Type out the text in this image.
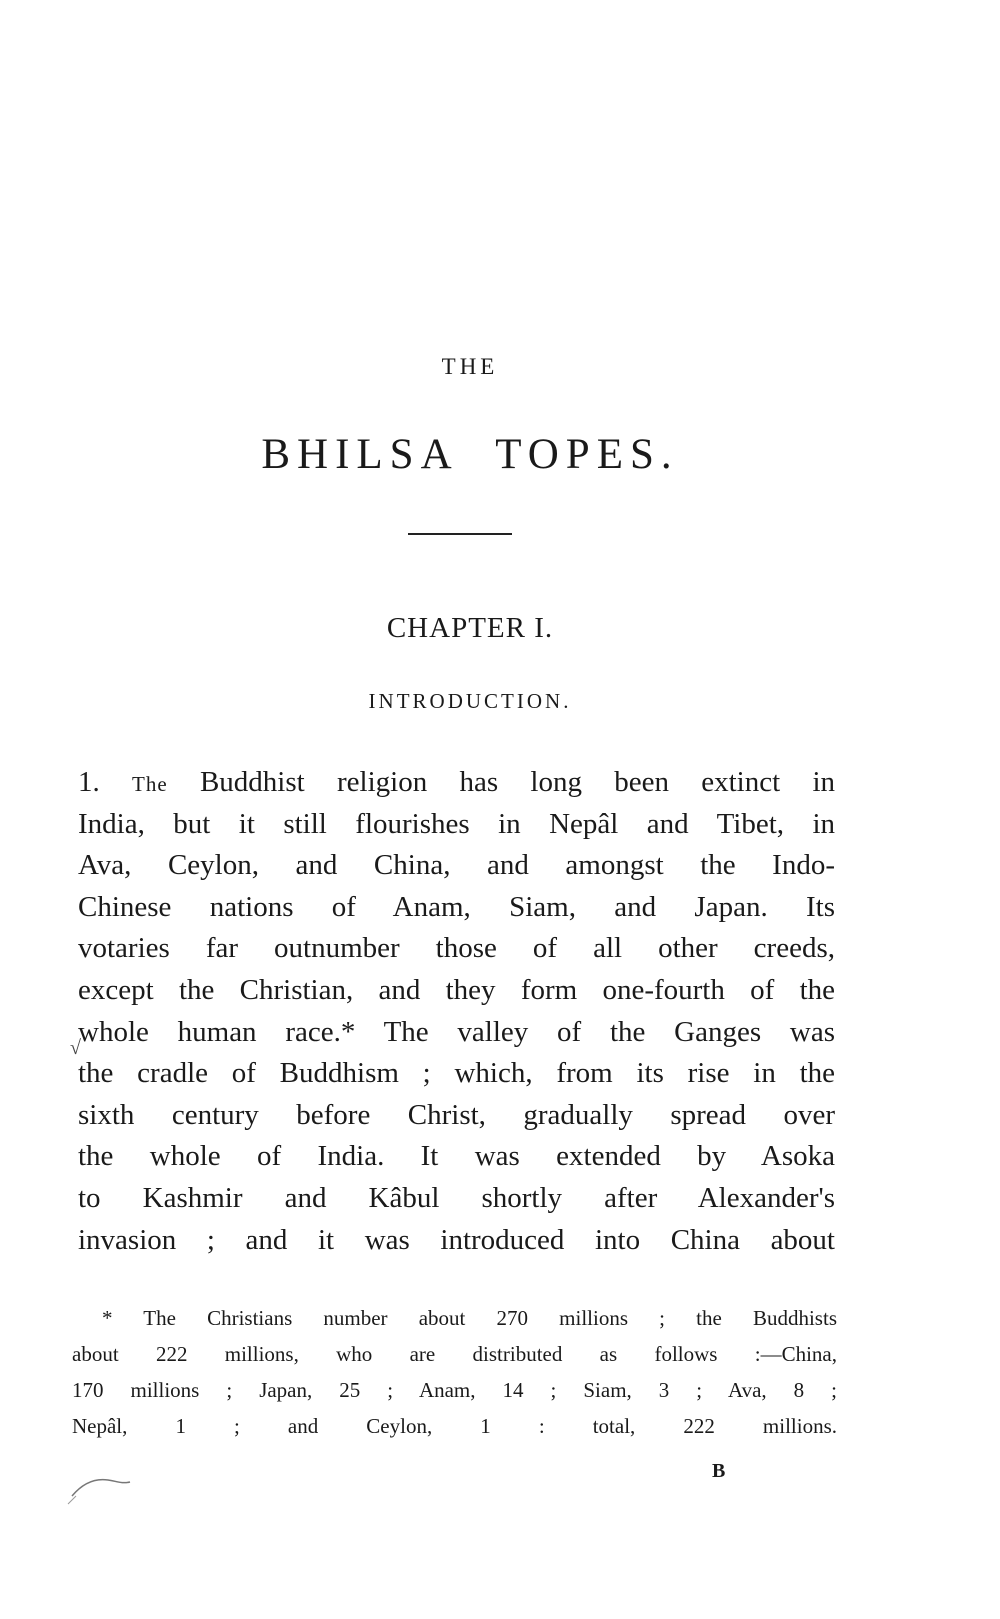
THE
BHILSA TOPES.
CHAPTER I.
INTRODUCTION.
1. The Buddhist religion has long been extinct in
India, but it still flourishes in Nepâl and Tibet, in
Ava, Ceylon, and China, and amongst the Indo-
Chinese nations of Anam, Siam, and Japan. Its
votaries far outnumber those of all other creeds,
except the Christian, and they form one-fourth of the
whole human race.* The valley of the Ganges was
the cradle of Buddhism ; which, from its rise in the
sixth century before Christ, gradually spread over
the whole of India. It was extended by Asoka
to Kashmir and Kâbul shortly after Alexander's
invasion ; and it was introduced into China about
√
* The Christians number about 270 millions ; the Buddhists
about 222 millions, who are distributed as follows :—China,
170 millions ; Japan, 25 ; Anam, 14 ; Siam, 3 ; Ava, 8 ;
Nepâl, 1 ; and Ceylon, 1 : total, 222 millions.
B
